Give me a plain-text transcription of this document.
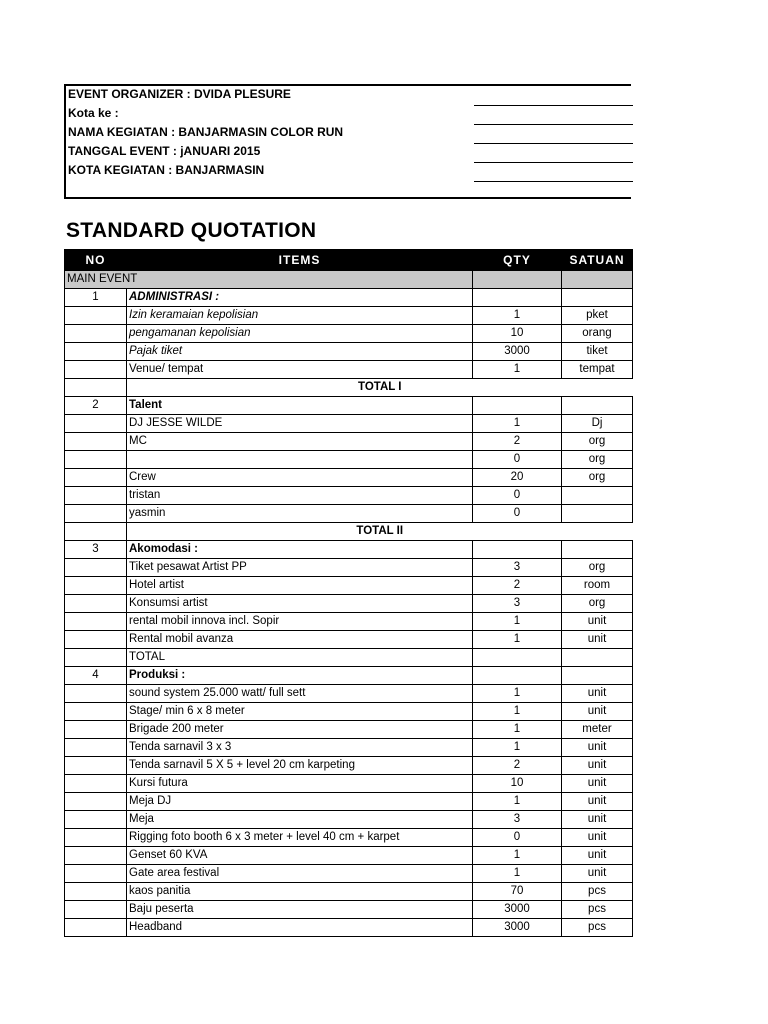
EVENT ORGANIZER : DVIDA PLESURE
Kota ke :
NAMA KEGIATAN : BANJARMASIN COLOR RUN
TANGGAL EVENT : jANUARI 2015
KOTA KEGIATAN : BANJARMASIN
STANDARD QUOTATION
NO	ITEMS	QTY	SATUAN
MAIN EVENT			
1	ADMINISTRASI :		
	Izin keramaian kepolisian	1	pket
	pengamanan kepolisian	10	orang
	Pajak tiket	3000	tiket
	Venue/ tempat	1	tempat
	TOTAL I		
2	Talent		
	DJ JESSE WILDE	1	Dj
	MC	2	org
		0	org
	Crew	20	org
	tristan	0	
	yasmin	0	
	TOTAL II		
3	Akomodasi :		
	Tiket pesawat Artist PP	3	org
	Hotel artist	2	room
	Konsumsi artist	3	org
	rental mobil innova incl. Sopir	1	unit
	Rental mobil avanza	1	unit
	TOTAL		
4	Produksi :		
	sound system 25.000 watt/ full sett	1	unit
	Stage/ min 6 x 8 meter	1	unit
	Brigade 200 meter	1	meter
	Tenda sarnavil 3 x 3	1	unit
	Tenda sarnavil 5 X 5 + level 20 cm karpeting	2	unit
	Kursi futura	10	unit
	Meja DJ	1	unit
	Meja	3	unit
	Rigging foto booth 6 x 3 meter + level 40 cm + karpet	0	unit
	Genset 60 KVA	1	unit
	Gate area festival	1	unit
	kaos panitia	70	pcs
	Baju peserta	3000	pcs
	Headband	3000	pcs
